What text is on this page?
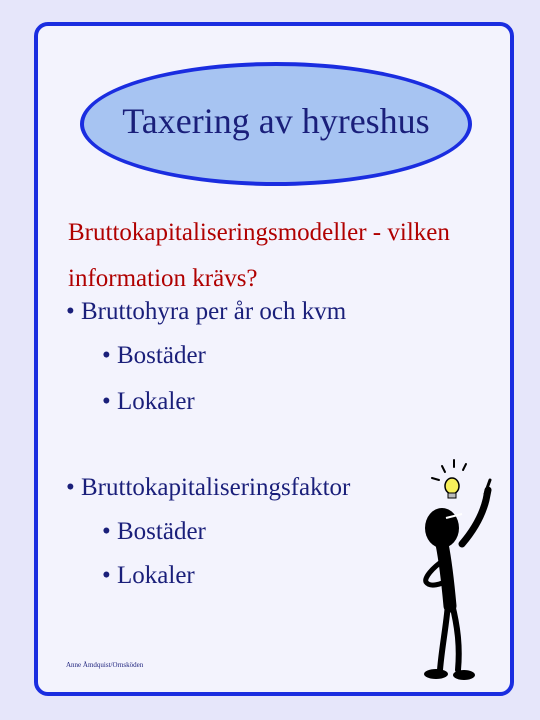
Taxering av hyreshus
Bruttokapitaliseringsmodeller - vilken information krävs?
• Bruttohyra per år och kvm
• Bostäder
• Lokaler
• Bruttokapitaliseringsfaktor
• Bostäder
• Lokaler
Anne Åmdquist/Ornsköden
